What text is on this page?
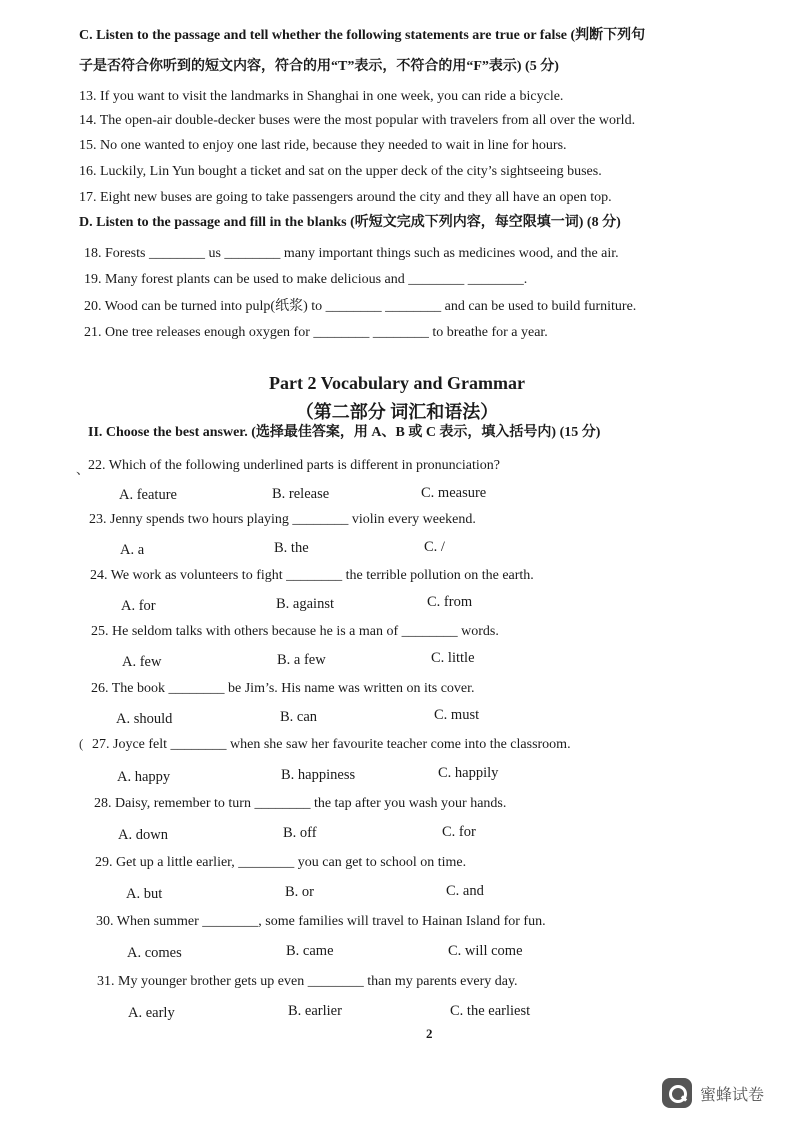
C. Listen to the passage and tell whether the following statements are true or false (判断下列句
子是否符合你听到的短文内容，符合的用“T”表示，不符合的用“F”表示) (5 分)
13. If you want to visit the landmarks in Shanghai in one week, you can ride a bicycle.
14. The open-air double-decker buses were the most popular with travelers from all over the world.
15. No one wanted to enjoy one last ride, because they needed to wait in line for hours.
16. Luckily, Lin Yun bought a ticket and sat on the upper deck of the city’s sightseeing buses.
17. Eight new buses are going to take passengers around the city and they all have an open top.
D. Listen to the passage and fill in the blanks (听短文完成下列内容，每空限填一词) (8 分)
18. Forests ________ us ________ many important things such as medicines wood, and the air.
19. Many forest plants can be used to make delicious and ________ ________.
20. Wood can be turned into pulp(纸浆) to ________ ________ and can be used to build furniture.
21. One tree releases enough oxygen for ________ ________ to breathe for a year.
Part 2 Vocabulary and Grammar
（第二部分 词汇和语法）
II. Choose the best answer. (选择最佳答案，用 A、B 或 C 表示，填入括号内) (15 分)
、
(
22. Which of the following underlined parts is different in pronunciation?
A. feature	B. release	C. measure
23. Jenny spends two hours playing ________ violin every weekend.
A. a	B. the	C. /
24. We work as volunteers to fight ________ the terrible pollution on the earth.
A. for	B. against	C. from
25. He seldom talks with others because he is a man of ________ words.
A. few	B. a few	C. little
26. The book ________ be Jim’s. His name was written on its cover.
A. should	B. can	C. must
27. Joyce felt ________ when she saw her favourite teacher come into the classroom.
A. happy	B. happiness	C. happily
28. Daisy, remember to turn ________ the tap after you wash your hands.
A. down	B. off	C. for
29. Get up a little earlier, ________ you can get to school on time.
A. but	B. or	C. and
30. When summer ________, some families will travel to Hainan Island for fun.
A. comes	B. came	C. will come
31. My younger brother gets up even ________ than my parents every day.
A. early	B. earlier	C. the earliest
2
蜜蜂试卷
